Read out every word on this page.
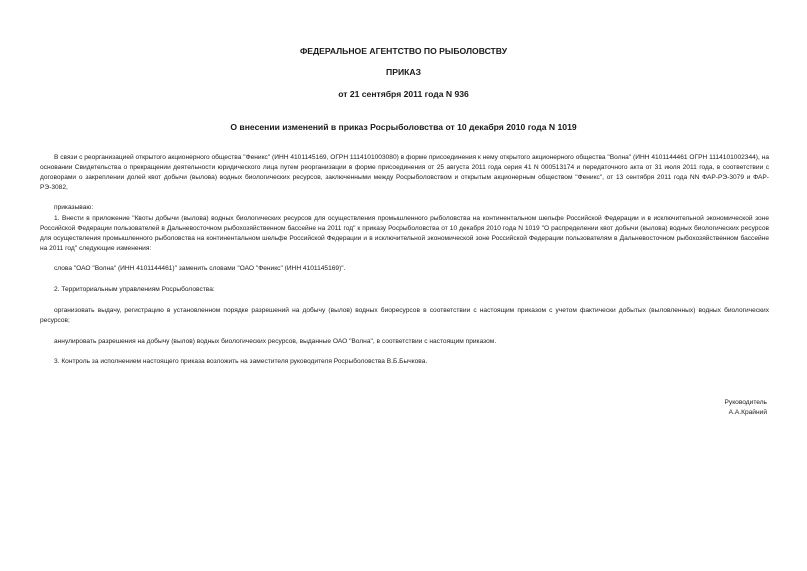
ФЕДЕРАЛЬНОЕ АГЕНТСТВО ПО РЫБОЛОВСТВУ
ПРИКАЗ
от 21 сентября 2011 года N 936
О внесении изменений в приказ Росрыболовства от 10 декабря 2010 года N 1019
В связи с реорганизацией открытого акционерного общества "Феникс" (ИНН 4101145169, ОГРН 1114101003080) в форме присоединения к нему открытого акционерного общества "Волна" (ИНН 4101144461 ОГРН 1114101002344), на основании Свидетельства о прекращении деятельности юридического лица путем реорганизации в форме присоединения от 25 августа 2011 года серия 41 N 000513174 и передаточного акта от 31 июля 2011 года, в соответствии с договорами о закреплении долей квот добычи (вылова) водных биологических ресурсов, заключенными между Росрыболовством и открытым акционерным обществом "Феникс", от 13 сентября 2011 года NN ФАР-РЭ-3079 и ФАР-РЭ-3082,
приказываю:
1. Внести в приложение "Квоты добычи (вылова) водных биологических ресурсов для осуществления промышленного рыболовства на континентальном шельфе Российской Федерации и в исключительной экономической зоне Российской Федерации пользователей в Дальневосточном рыбохозяйственном бассейне на 2011 год" к приказу Росрыболовства от 10 декабря 2010 года N 1019 "О распределении квот добычи (вылова) водных биологических ресурсов для осуществления промышленного рыболовства на континентальном шельфе Российской Федерации и в исключительной экономической зоне Российской Федерации пользователям в Дальневосточном рыбохозяйственном бассейне на 2011 год" следующие изменения:
слова "ОАО "Волна" (ИНН 4101144461)" заменить словами "ОАО "Феникс" (ИНН 4101145169)".
2. Территориальным управлениям Росрыболовства:
организовать выдачу, регистрацию в установленном порядке разрешений на добычу (вылов) водных биоресурсов в соответствии с настоящим приказом с учетом фактически добытых (выловленных) водных биологических ресурсов;
аннулировать разрешения на добычу (вылов) водных биологических ресурсов, выданные ОАО "Волна", в соответствии с настоящим приказом.
3. Контроль за исполнением настоящего приказа возложить на заместителя руководителя Росрыболовства В.Б.Бычкова.
Руководитель
А.А.Крайний
